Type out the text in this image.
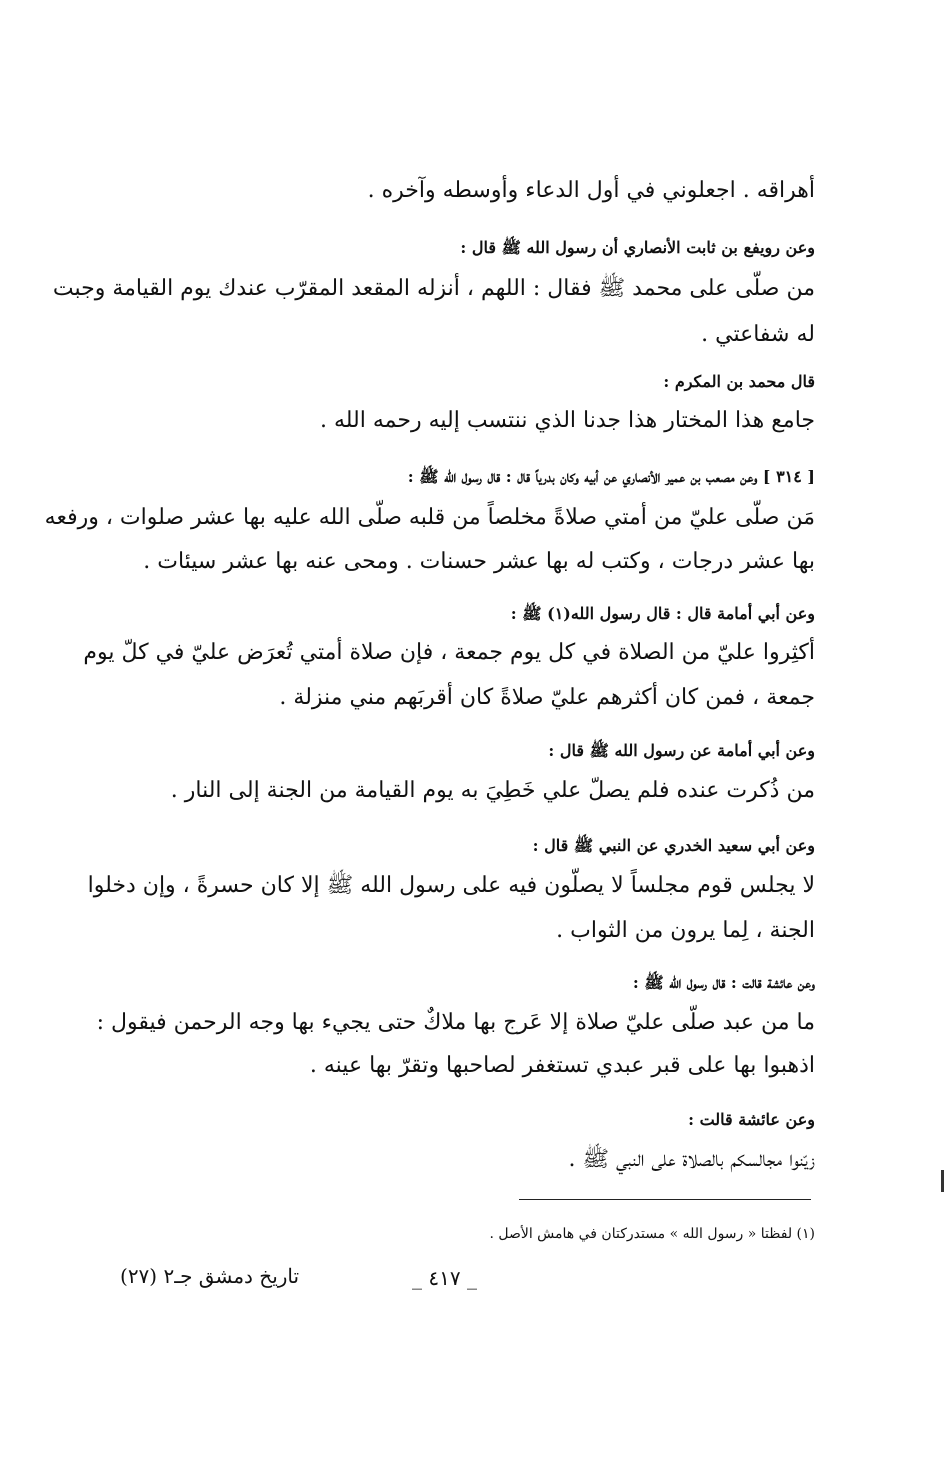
أهراقه . اجعلوني في أول الدعاء وأوسطه وآخره .
وعن رويفع بن ثابت الأنصاري أن رسول الله ﷺ قال :
من صلّى على محمد ﷺ فقال : اللهم ، أنزله المقعد المقرّب عندك يوم القيامة وجبت
له شفاعتي .
قال محمد بن المكرم :
جامع هذا المختار هذا جدنا الذي ننتسب إليه رحمه الله .
[ ٣١٤ ] وعن مصعب بن عمير الأنصاري عن أبيه وكان بدرياً قال : قال رسول الله ﷺ :
مَن صلّى عليّ من أمتي صلاةً مخلصاً من قلبه صلّى الله عليه بها عشر صلوات ، ورفعه
بها عشر درجات ، وكتب له بها عشر حسنات . ومحى عنه بها عشر سيئات .
وعن أبي أمامة قال : قال رسول الله(١) ﷺ :
أكثِروا عليّ من الصلاة في كل يوم جمعة ، فإن صلاة أمتي تُعرَض عليّ في كلّ يوم
جمعة ، فمن كان أكثرهم عليّ صلاةً كان أقربَهم مني منزلة .
وعن أبي أمامة عن رسول الله ﷺ قال :
من ذُكرت عنده فلم يصلّ علي خَطِيَ به يوم القيامة من الجنة إلى النار .
وعن أبي سعيد الخدري عن النبي ﷺ قال :
لا يجلس قوم مجلساً لا يصلّون فيه على رسول الله ﷺ إلا كان حسرةً ، وإن دخلوا
الجنة ، لِما يرون من الثواب .
وعن عائشة قالت : قال رسول الله ﷺ :
ما من عبد صلّى عليّ صلاة إلا عَرج بها ملاكٌ حتى يجيء بها وجه الرحمن فيقول :
اذهبوا بها على قبر عبدي تستغفر لصاحبها وتقرّ بها عينه .
وعن عائشة قالت :
زيّنوا مجالسكم بالصلاة على النبي ﷺ .
(١) لفظتا « رسول الله » مستدركتان في هامش الأصل .
_ ٤١٧ _
تاريخ دمشق جـ٢ (٢٧)
